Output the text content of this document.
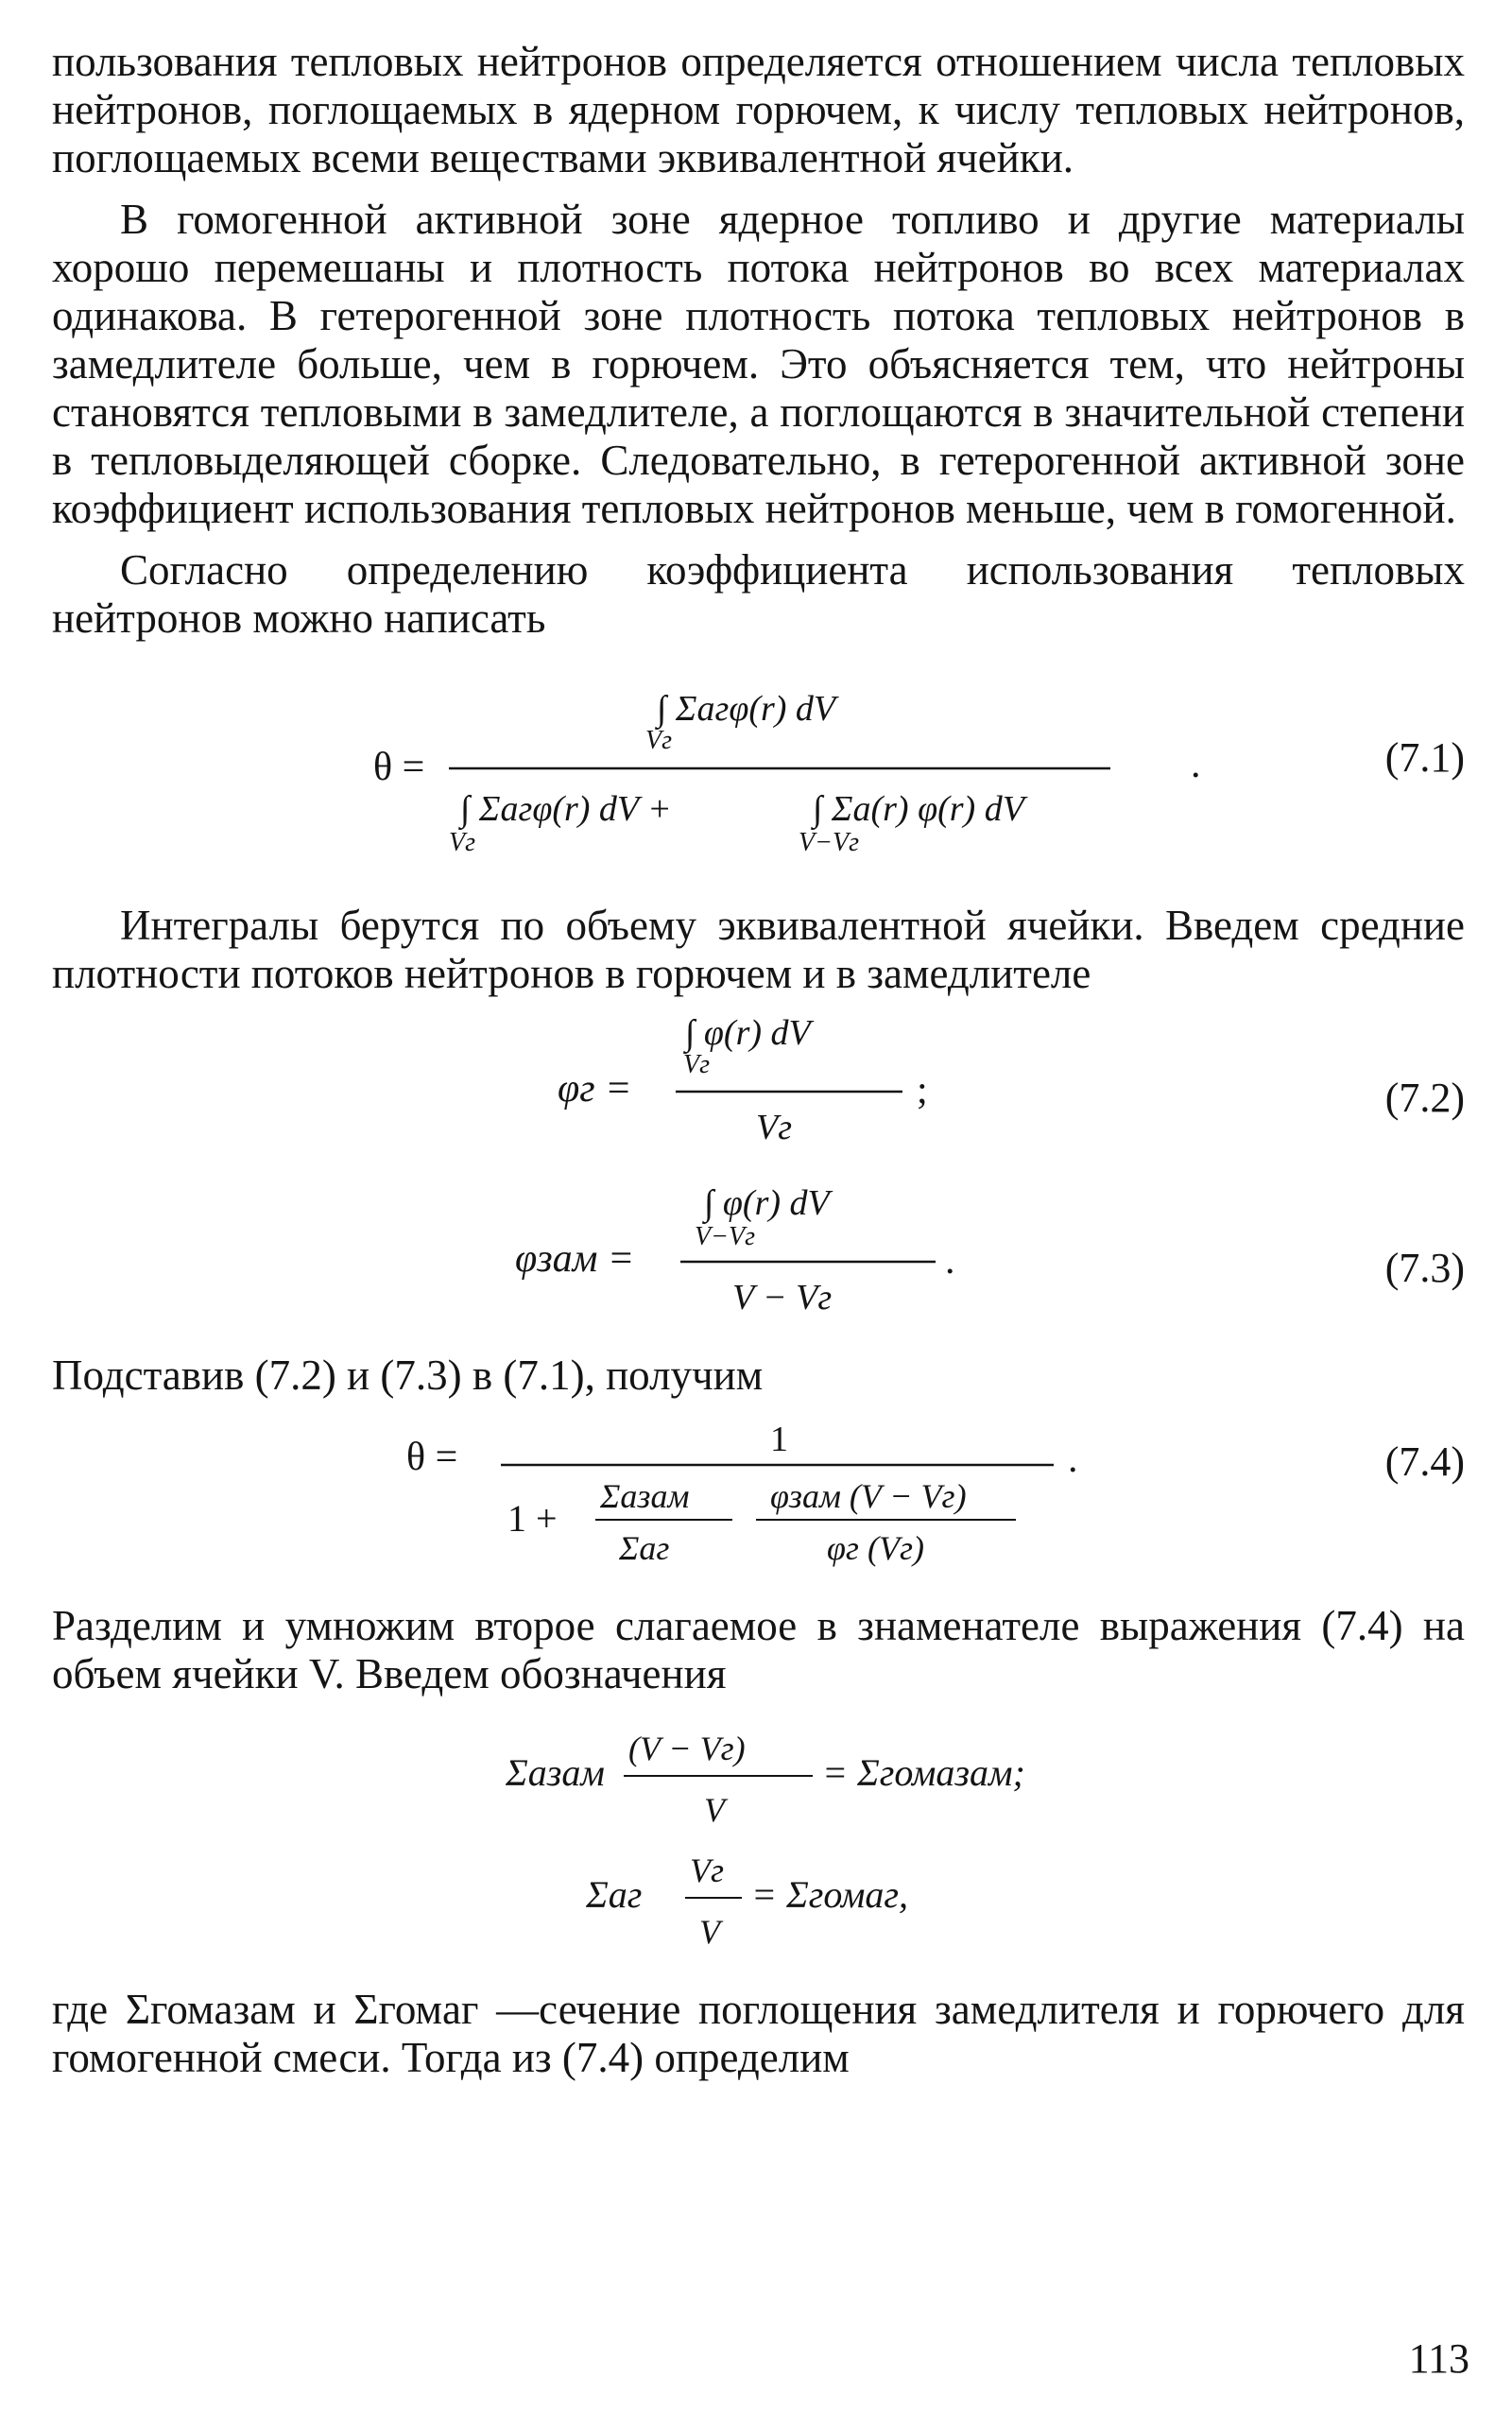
пользования тепловых нейтронов определяется отношением числа тепловых нейтронов, поглощаемых в ядерном горючем, к числу тепловых нейтронов, поглощаемых всеми веществами эквивалентной ячейки.

В гомогенной активной зоне ядерное топливо и другие материалы хорошо перемешаны и плотность потока нейтронов во всех материалах одинакова. В гетерогенной зоне плотность потока тепловых нейтронов в замедлителе больше, чем в горючем. Это объясняется тем, что нейтроны становятся тепловыми в замедлителе, а поглощаются в значительной степени в тепловыделяющей сборке. Следовательно, в гетерогенной активной зоне коэффициент использования тепловых нейтронов меньше, чем в гомогенной.

Согласно определению коэффициента использования тепловых нейтронов можно написать

θ =
∫ Σaгφ(r) dV
Vг
∫ Σaгφ(r) dV +
Vг
∫ Σa(r) φ(r) dV
V−Vг
.	(7.1)

Интегралы берутся по объему эквивалентной ячейки. Введем средние плотности потоков нейтронов в горючем и в замедлителе

φг =
∫ φ(r) dV
Vг
Vг
;	(7.2)
φзам =
∫ φ(r) dV
V−Vг
V − Vг
.	(7.3)

Подставив (7.2) и (7.3) в (7.1), получим

θ =	1
1 +
Σaзам
Σaг
φзам (V − Vг)
φг (Vг)
.	(7.4)

Разделим и умножим второе слагаемое в знаменателе выражения (7.4) на объем ячейки V. Введем обозначения

Σaзам
(V − Vг)
V
= Σгомaзам;
Σaг
Vг
V
= Σгомaг,

где Σгомaзам и Σгомaг —сечение поглощения замедлителя и горючего для гомогенной смеси. Тогда из (7.4) определим

113
